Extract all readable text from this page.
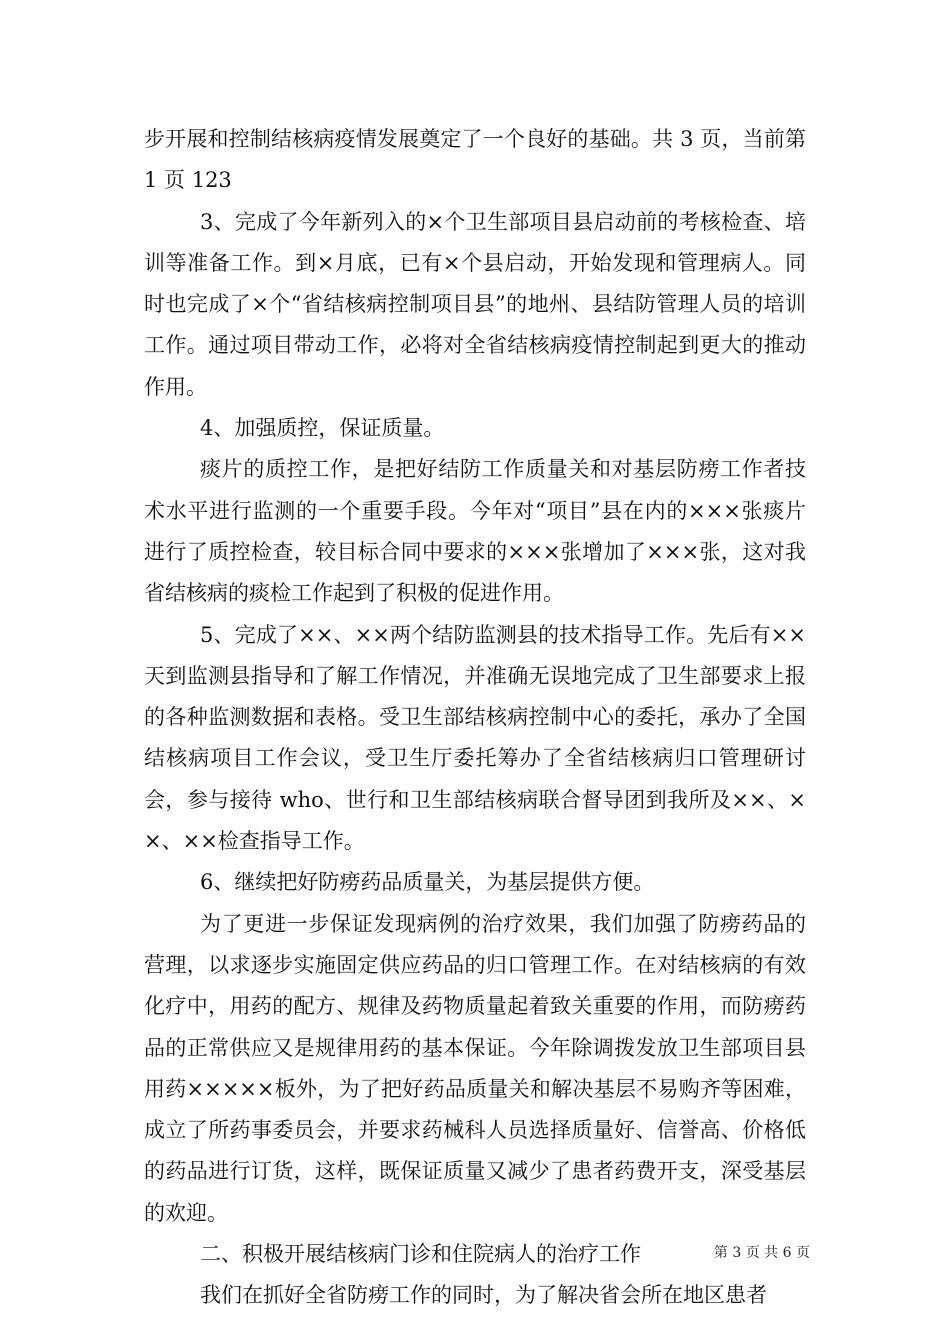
步开展和控制结核病疫情发展奠定了一个良好的基础。共 3 页，当前第 1 页 123

3、完成了今年新列入的×个卫生部项目县启动前的考核检查、培训等准备工作。到×月底，已有×个县启动，开始发现和管理病人。同时也完成了×个“省结核病控制项目县”的地州、县结防管理人员的培训工作。通过项目带动工作，必将对全省结核病疫情控制起到更大的推动作用。

4、加强质控，保证质量。

痰片的质控工作，是把好结防工作质量关和对基层防痨工作者技术水平进行监测的一个重要手段。今年对“项目”县在内的×××张痰片进行了质控检查，较目标合同中要求的×××张增加了×××张，这对我省结核病的痰检工作起到了积极的促进作用。

5、完成了××、××两个结防监测县的技术指导工作。先后有××天到监测县指导和了解工作情况，并准确无误地完成了卫生部要求上报的各种监测数据和表格。受卫生部结核病控制中心的委托，承办了全国结核病项目工作会议，受卫生厅委托筹办了全省结核病归口管理研讨会，参与接待 who、世行和卫生部结核病联合督导团到我所及××、××、××检查指导工作。

6、继续把好防痨药品质量关，为基层提供方便。

为了更进一步保证发现病例的治疗效果，我们加强了防痨药品的营理，以求逐步实施固定供应药品的归口管理工作。在对结核病的有效化疗中，用药的配方、规律及药物质量起着致关重要的作用，而防痨药品的正常供应又是规律用药的基本保证。今年除调拨发放卫生部项目县用药×××××板外，为了把好药品质量关和解决基层不易购齐等困难，成立了所药事委员会，并要求药械科人员选择质量好、信誉高、价格低的药品进行订货，这样，既保证质量又减少了患者药费开支，深受基层的欢迎。

二、积极开展结核病门诊和住院病人的治疗工作

我们在抓好全省防痨工作的同时，为了解决省会所在地区患者

第 3 页 共 6 页
